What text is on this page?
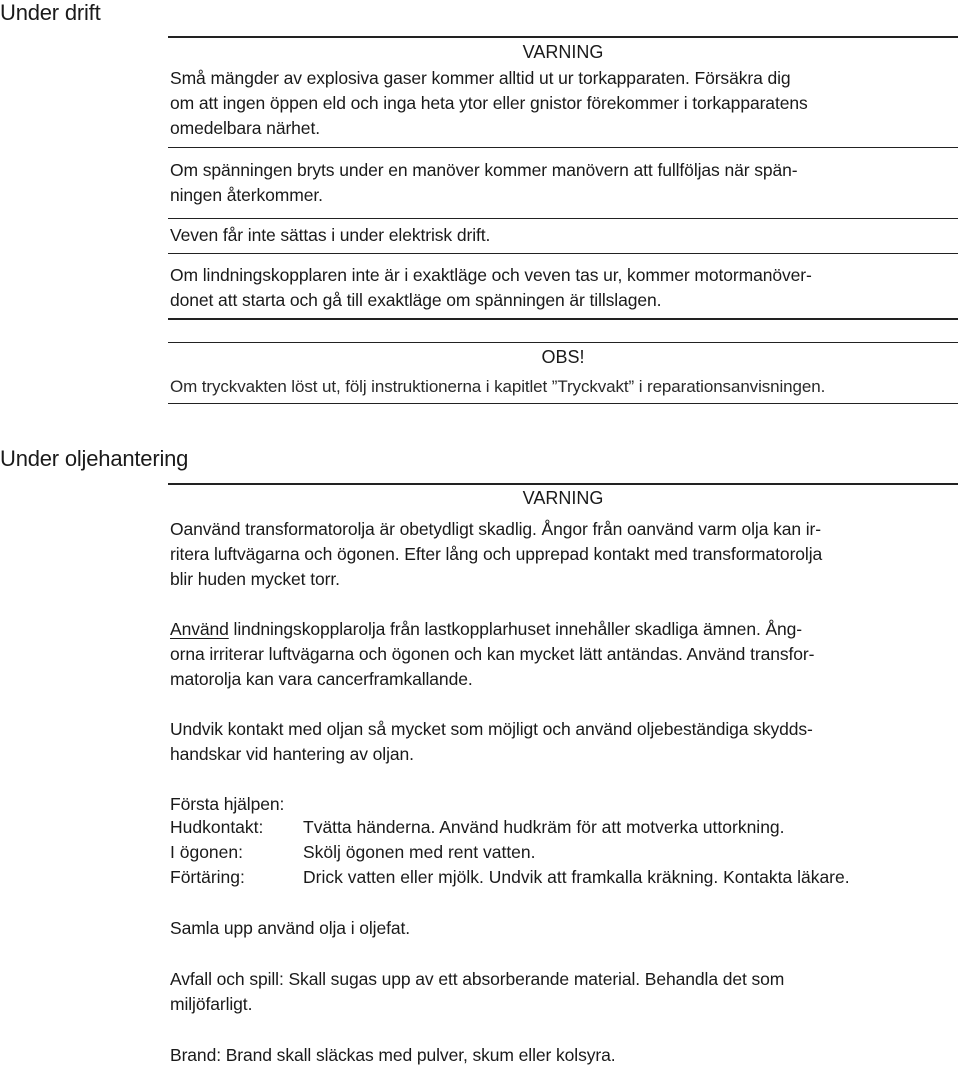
Under drift
VARNING
Små mängder av explosiva gaser kommer alltid ut ur torkapparaten. Försäkra dig
om att ingen öppen eld och inga heta ytor eller gnistor förekommer i torkapparatens
omedelbara närhet.
Om spänningen bryts under en manöver kommer manövern att fullföljas när spän-
ningen återkommer.
Veven får inte sättas i under elektrisk drift.
Om lindningskopplaren inte är i exaktläge och veven tas ur, kommer motormanöver-
donet att starta och gå till exaktläge om spänningen är tillslagen.
OBS!
Om tryckvakten löst ut, följ instruktionerna i kapitlet ”Tryckvakt” i reparationsanvisningen.
Under oljehantering
VARNING
Oanvänd transformatorolja är obetydligt skadlig. Ångor från oanvänd varm olja kan ir-
ritera luftvägarna och ögonen. Efter lång och upprepad kontakt med transformatorolja
blir huden mycket torr.
Använd lindningskopplarolja från lastkopplarhuset innehåller skadliga ämnen. Ång-
orna irriterar luftvägarna och ögonen och kan mycket lätt antändas. Använd transfor-
matorolja kan vara cancerframkallande.
Undvik kontakt med oljan så mycket som möjligt och använd oljebeständiga skydds-
handskar vid hantering av oljan.
Första hjälpen:
Hudkontakt: Tvätta händerna. Använd hudkräm för att motverka uttorkning.
I ögonen:	Skölj ögonen med rent vatten.
Förtäring:	Drick vatten eller mjölk. Undvik att framkalla kräkning. Kontakta läkare.
Samla upp använd olja i oljefat.
Avfall och spill: Skall sugas upp av ett absorberande material. Behandla det som
miljöfarligt.
Brand: Brand skall släckas med pulver, skum eller kolsyra.
